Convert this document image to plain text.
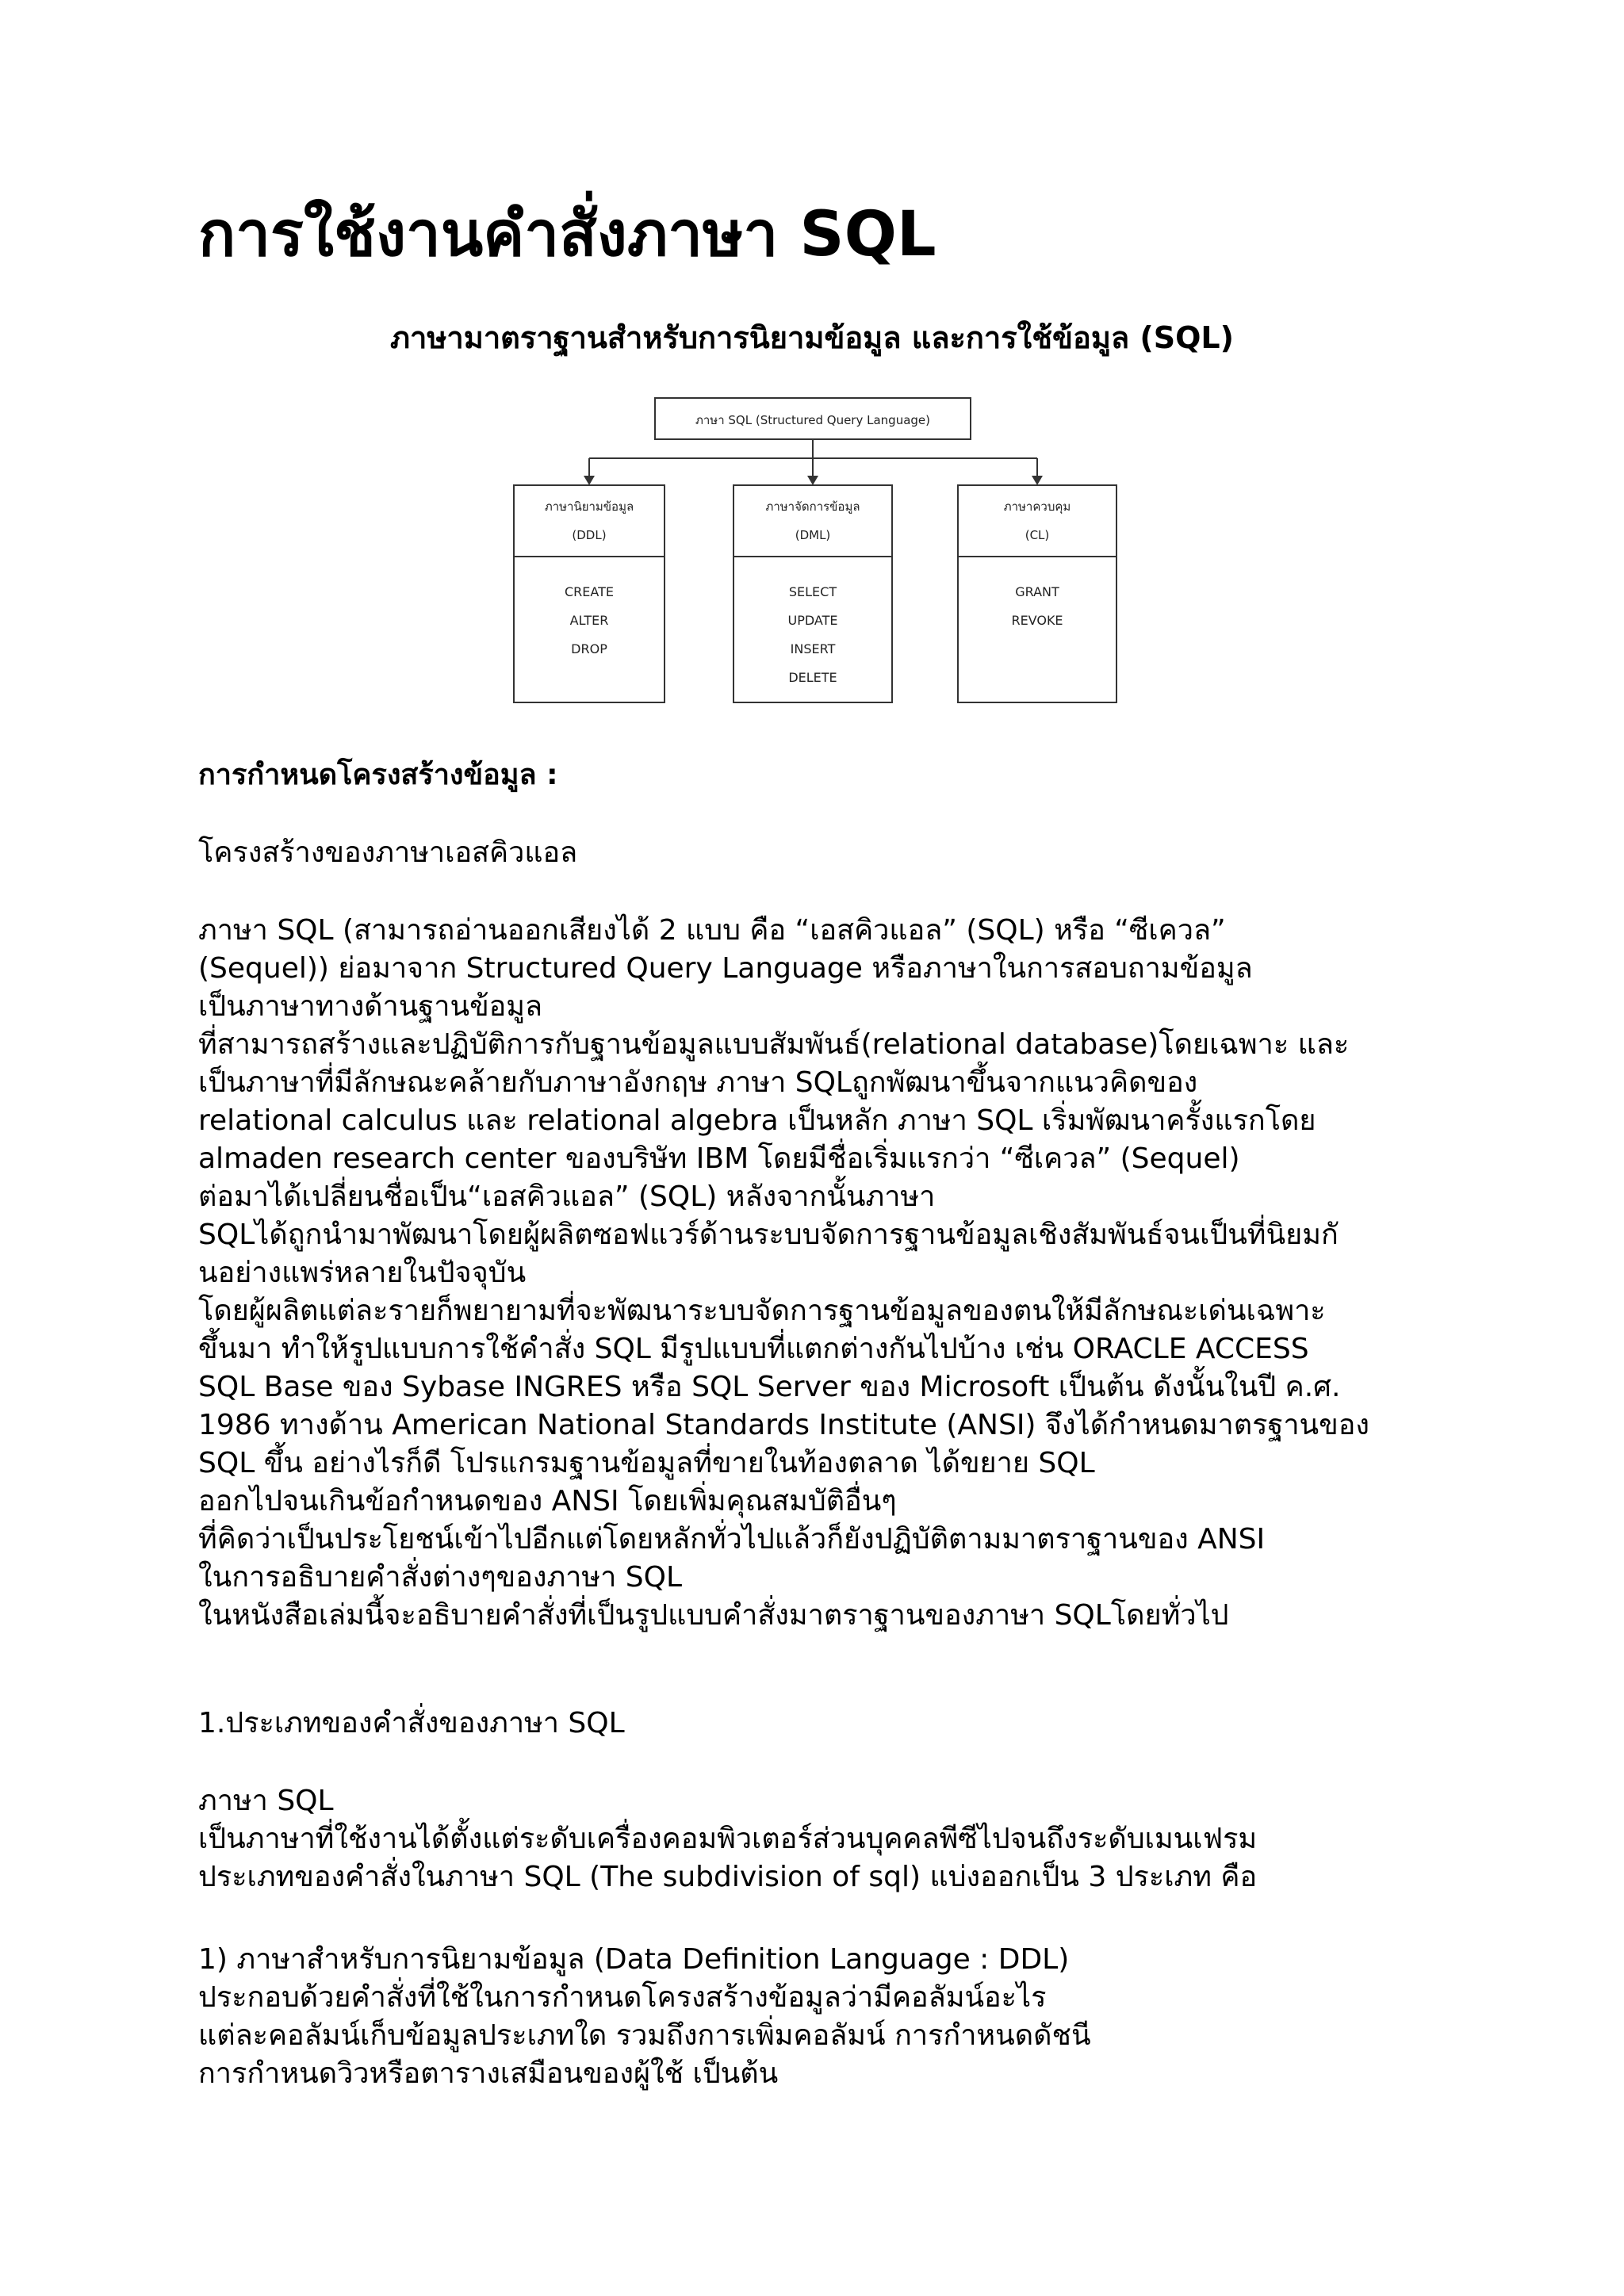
การใช้งานคำสั่งภาษา SQL
ภาษามาตราฐานสำหรับการนิยามข้อมูล และการใช้ข้อมูล (SQL)
ภาษา SQL (Structured Query Language)
ภาษานิยามข้อมูล
(DDL)
CREATE
ALTER
DROP
ภาษาจัดการข้อมูล
(DML)
SELECT
UPDATE
INSERT
DELETE
ภาษาควบคุม
(CL)
GRANT
REVOKE
การกำหนดโครงสร้างข้อมูล :
โครงสร้างของภาษาเอสคิวแอล
ภาษา SQL (สามารถอ่านออกเสียงได้ 2 แบบ คือ “เอสคิวแอล” (SQL) หรือ “ซีเควล”
(Sequel)) ย่อมาจาก Structured Query Language หรือภาษาในการสอบถามข้อมูล
เป็นภาษาทางด้านฐานข้อมูล
ที่สามารถสร้างและปฏิบัติการกับฐานข้อมูลแบบสัมพันธ์(relational database)โดยเฉพาะ และ
เป็นภาษาที่มีลักษณะคล้ายกับภาษาอังกฤษ ภาษา SQLถูกพัฒนาขึ้นจากแนวคิดของ
relational calculus และ relational algebra เป็นหลัก ภาษา SQL เริ่มพัฒนาครั้งแรกโดย
almaden research center ของบริษัท IBM โดยมีชื่อเริ่มแรกว่า “ซีเควล” (Sequel)
ต่อมาได้เปลี่ยนชื่อเป็น“เอสคิวแอล” (SQL) หลังจากนั้นภาษา
SQLได้ถูกนำมาพัฒนาโดยผู้ผลิตซอฟแวร์ด้านระบบจัดการฐานข้อมูลเชิงสัมพันธ์จนเป็นที่นิยมกั
นอย่างแพร่หลายในปัจจุบัน
โดยผู้ผลิตแต่ละรายก็พยายามที่จะพัฒนาระบบจัดการฐานข้อมูลของตนให้มีลักษณะเด่นเฉพาะ
ขึ้นมา ทำให้รูปแบบการใช้คำสั่ง SQL มีรูปแบบที่แตกต่างกันไปบ้าง เช่น ORACLE ACCESS
SQL Base ของ Sybase INGRES หรือ SQL Server ของ Microsoft เป็นต้น ดังนั้นในปี ค.ศ.
1986 ทางด้าน American National Standards Institute (ANSI) จึงได้กำหนดมาตรฐานของ
SQL ขึ้น อย่างไรก็ดี โปรแกรมฐานข้อมูลที่ขายในท้องตลาด ได้ขยาย SQL
ออกไปจนเกินข้อกำหนดของ ANSI โดยเพิ่มคุณสมบัติอื่นๆ
ที่คิดว่าเป็นประโยชน์เข้าไปอีกแต่โดยหลักทั่วไปแล้วก็ยังปฏิบัติตามมาตราฐานของ ANSI
ในการอธิบายคำสั่งต่างๆของภาษา SQL
ในหนังสือเล่มนี้จะอธิบายคำสั่งที่เป็นรูปแบบคำสั่งมาตราฐานของภาษา SQLโดยทั่วไป
1.ประเภทของคำสั่งของภาษา SQL
ภาษา SQL
เป็นภาษาที่ใช้งานได้ตั้งแต่ระดับเครื่องคอมพิวเตอร์ส่วนบุคคลพีซีไปจนถึงระดับเมนเฟรม
ประเภทของคำสั่งในภาษา SQL (The subdivision of sql) แบ่งออกเป็น 3 ประเภท คือ
1) ภาษาสำหรับการนิยามข้อมูล (Data Definition Language : DDL)
ประกอบด้วยคำสั่งที่ใช้ในการกำหนดโครงสร้างข้อมูลว่ามีคอลัมน์อะไร
แต่ละคอลัมน์เก็บข้อมูลประเภทใด รวมถึงการเพิ่มคอลัมน์ การกำหนดดัชนี
การกำหนดวิวหรือตารางเสมือนของผู้ใช้ เป็นต้น
